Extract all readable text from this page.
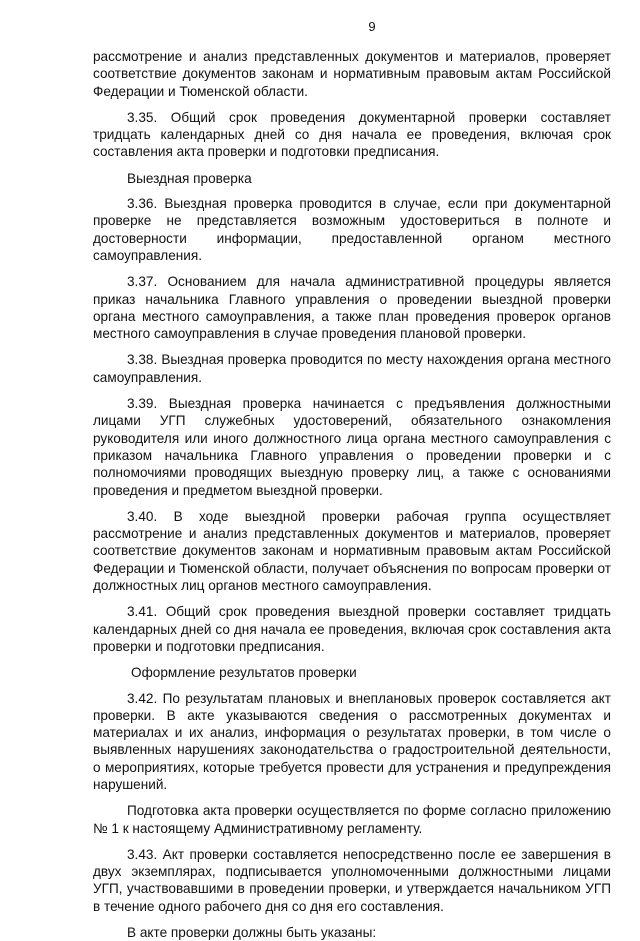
9

рассмотрение и анализ представленных документов и материалов, проверяет соответствие документов законам и нормативным правовым актам Российской Федерации и Тюменской области.

3.35. Общий срок проведения документарной проверки составляет тридцать календарных дней со дня начала ее проведения, включая срок составления акта проверки и подготовки предписания.

Выездная проверка

3.36. Выездная проверка проводится в случае, если при документарной проверке не представляется возможным удостовериться в полноте и достоверности информации, предоставленной органом местного самоуправления.

3.37. Основанием для начала административной процедуры является приказ начальника Главного управления о проведении выездной проверки органа местного самоуправления, а также план проведения проверок органов местного самоуправления в случае проведения плановой проверки.

3.38. Выездная проверка проводится по месту нахождения органа местного самоуправления.

3.39. Выездная проверка начинается с предъявления должностными лицами УГП служебных удостоверений, обязательного ознакомления руководителя или иного должностного лица органа местного самоуправления с приказом начальника Главного управления о проведении проверки и с полномочиями проводящих выездную проверку лиц, а также с основаниями проведения и предметом выездной проверки.

3.40. В ходе выездной проверки рабочая группа осуществляет рассмотрение и анализ представленных документов и материалов, проверяет соответствие документов законам и нормативным правовым актам Российской Федерации и Тюменской области, получает объяснения по вопросам проверки от должностных лиц органов местного самоуправления.

3.41. Общий срок проведения выездной проверки составляет тридцать календарных дней со дня начала ее проведения, включая срок составления акта проверки и подготовки предписания.

Оформление результатов проверки

3.42. По результатам плановых и внеплановых проверок составляется акт проверки. В акте указываются сведения о рассмотренных документах и материалах и их анализ, информация о результатах проверки, в том числе о выявленных нарушениях законодательства о градостроительной деятельности, о мероприятиях, которые требуется провести для устранения и предупреждения нарушений.

Подготовка акта проверки осуществляется по форме согласно приложению № 1 к настоящему Административному регламенту.

3.43. Акт проверки составляется непосредственно после ее завершения в двух экземплярах, подписывается уполномоченными должностными лицами УГП, участвовавшими в проведении проверки, и утверждается начальником УГП в течение одного рабочего дня со дня его составления.

В акте проверки должны быть указаны:
